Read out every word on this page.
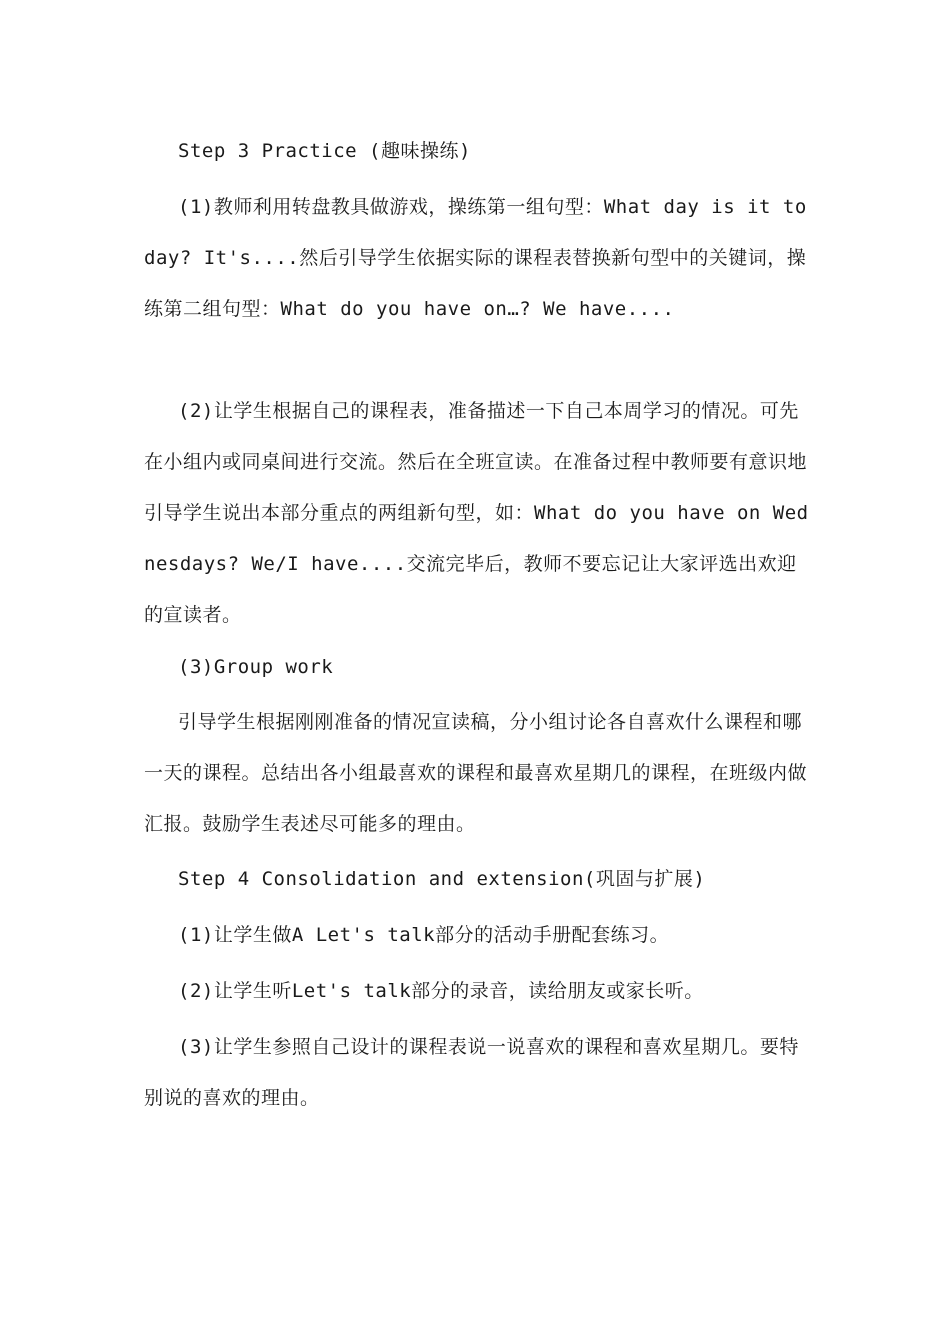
Step 3 Practice (趣味操练)

(1)教师利用转盘教具做游戏，操练第一组句型：What day is it today? It's....然后引导学生依据实际的课程表替换新句型中的关键词，操练第二组句型：What do you have on…? We have....

(2)让学生根据自己的课程表，准备描述一下自己本周学习的情况。可先在小组内或同桌间进行交流。然后在全班宣读。在准备过程中教师要有意识地引导学生说出本部分重点的两组新句型，如：What do you have on Wednesdays? We/I have....交流完毕后，教师不要忘记让大家评选出欢迎的宣读者。

(3)Group work

引导学生根据刚刚准备的情况宣读稿，分小组讨论各自喜欢什么课程和哪一天的课程。总结出各小组最喜欢的课程和最喜欢星期几的课程，在班级内做汇报。鼓励学生表述尽可能多的理由。

Step 4 Consolidation and extension(巩固与扩展)

(1)让学生做A Let's talk部分的活动手册配套练习。

(2)让学生听Let's talk部分的录音，读给朋友或家长听。

(3)让学生参照自己设计的课程表说一说喜欢的课程和喜欢星期几。要特别说的喜欢的理由。
